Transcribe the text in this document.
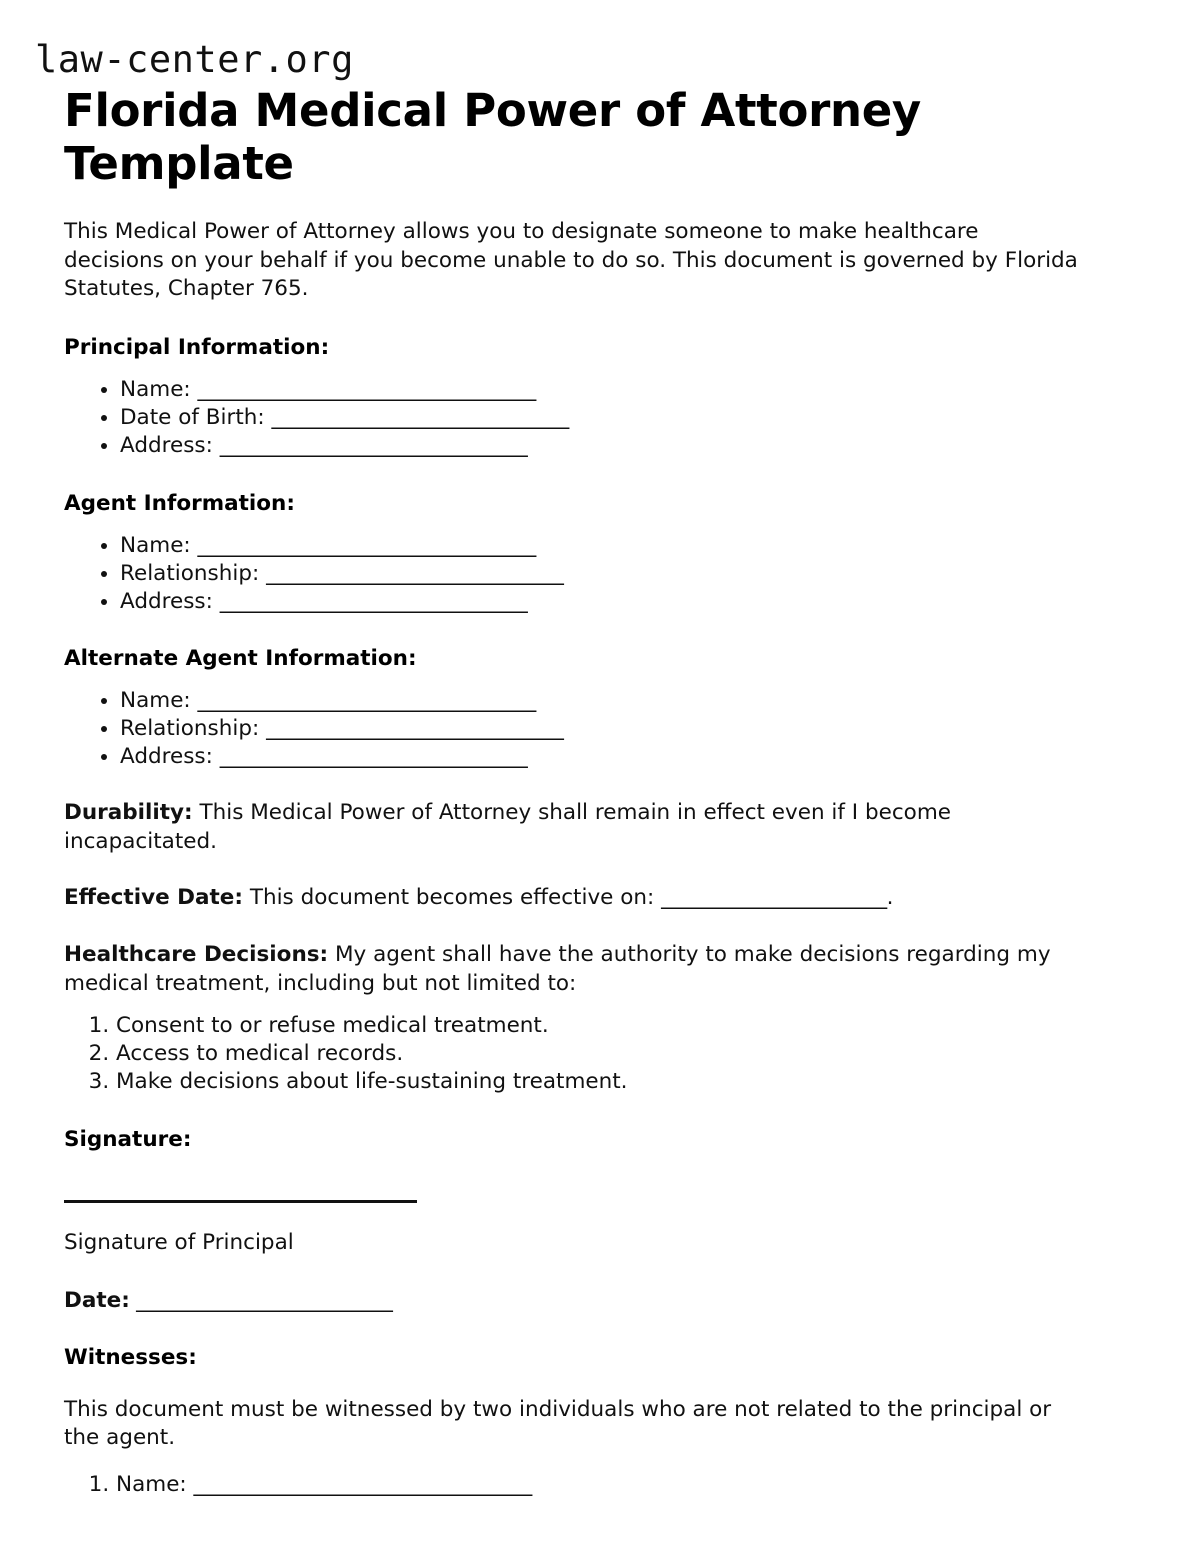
law-center.org
Florida Medical Power of Attorney Template

This Medical Power of Attorney allows you to designate someone to make healthcare decisions on your behalf if you become unable to do so. This document is governed by Florida Statutes, Chapter 765.

Principal Information:
• Name: _________________________________
• Date of Birth: _____________________________
• Address: ______________________________
Agent Information:
• Name: _________________________________
• Relationship: _____________________________
• Address: ______________________________
Alternate Agent Information:
• Name: _________________________________
• Relationship: _____________________________
• Address: ______________________________

Durability: This Medical Power of Attorney shall remain in effect even if I become incapacitated.

Effective Date: This document becomes effective on: ______________________.

Healthcare Decisions: My agent shall have the authority to make decisions regarding my medical treatment, including but not limited to:

1. Consent to or refuse medical treatment.
2. Access to medical records.
3. Make decisions about life-sustaining treatment.
Signature:

Signature of Principal

Date: _________________________

Witnesses:

This document must be witnessed by two individuals who are not related to the principal or the agent.

1. Name: _________________________________
